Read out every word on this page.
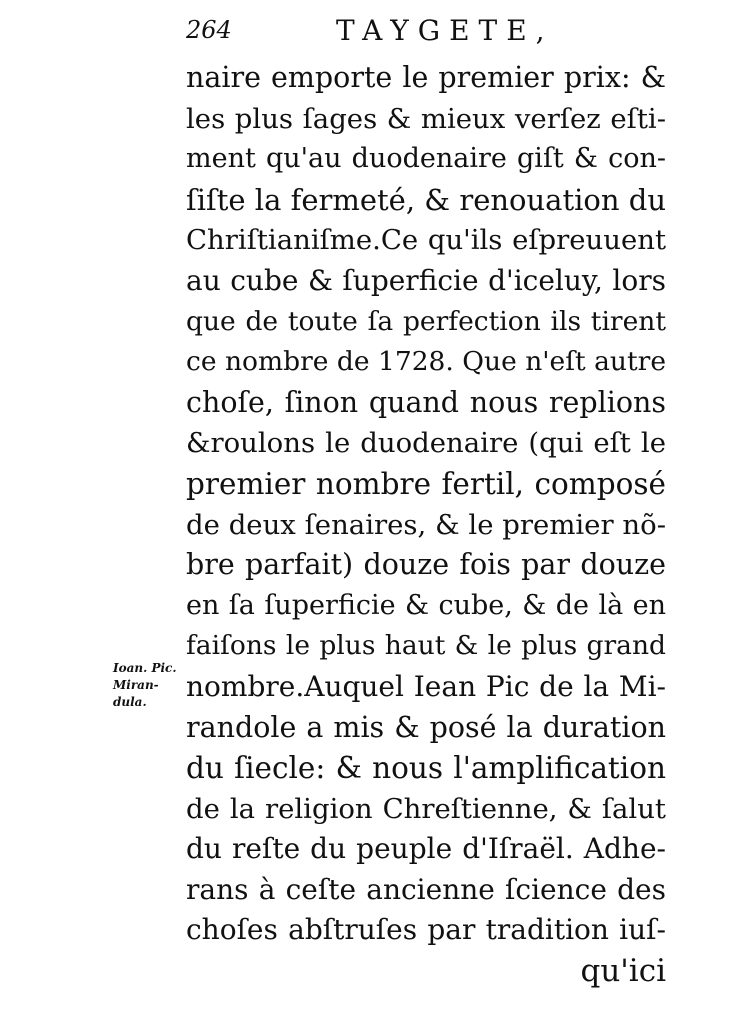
264	TAYGETE,
naire emporte le premier prix: &
les plus ſages & mieux verſez eſti-
ment qu'au duodenaire giſt & con-
ſiſte la fermeté, & renouation du
Chriſtianiſme.Ce qu'ils eſpreuuent
au cube & ſuperficie d'iceluy, lors
que de toute ſa perfection ils tirent
ce nombre de 1728. Que n'eſt autre
choſe, ſinon quand nous replions
&roulons le duodenaire (qui eſt le
premier nombre fertil, composé
de deux ſenaires, & le premier nõ-
bre parfait) douze fois par douze
en ſa ſuperficie & cube, & de là en
faiſons le plus haut & le plus grand
nombre.Auquel Iean Pic de la Mi-
randole a mis & posé la duration
du ſiecle: & nous l'amplification
de la religion Chreſtienne, & ſalut
du reſte du peuple d'Iſraël. Adhe-
rans à ceſte ancienne ſcience des
choſes abſtruſes par tradition iuſ-
qu'ici
Ioan. Pic.
Miran-
dula.
